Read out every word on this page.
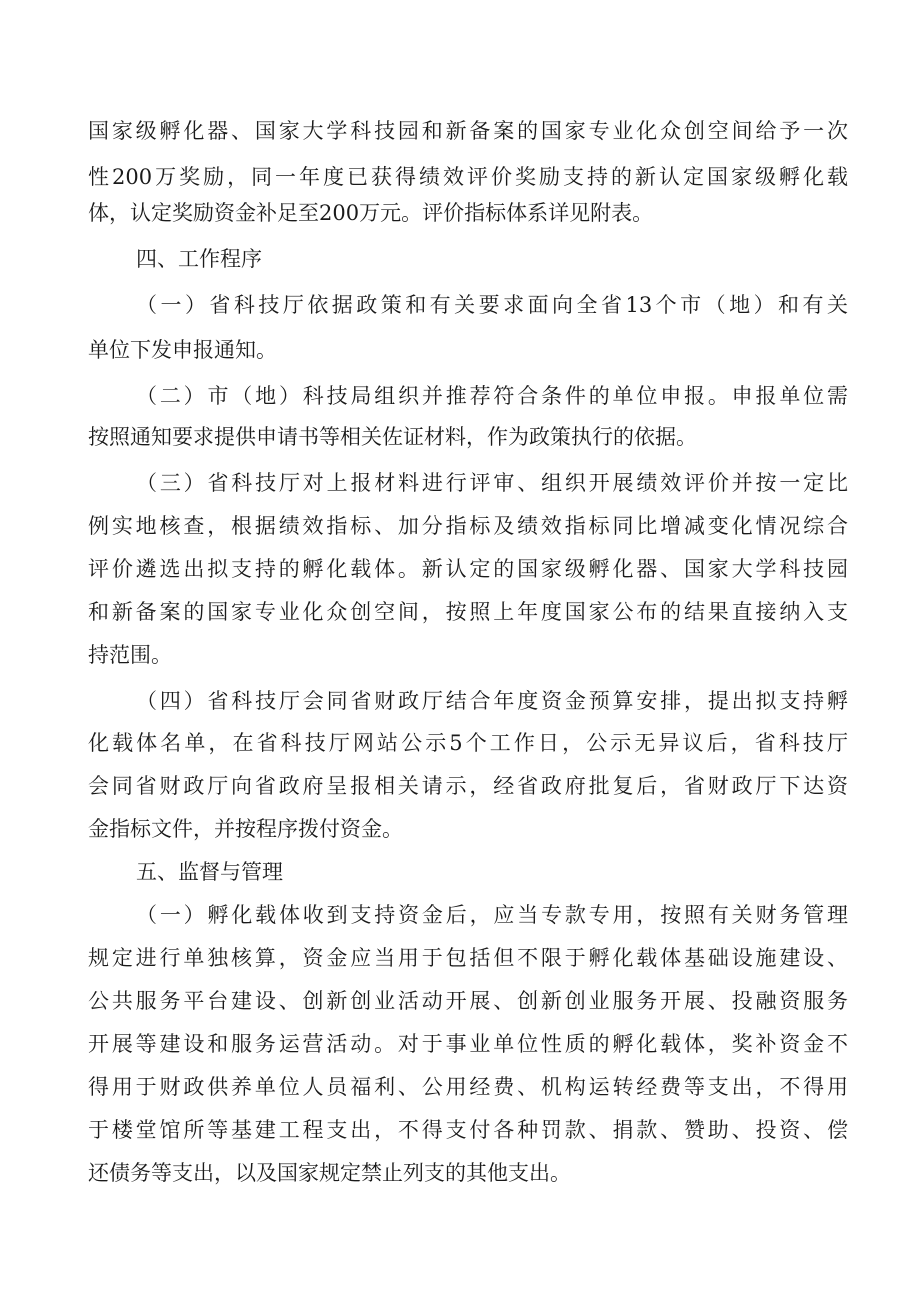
国家级孵化器、国家大学科技园和新备案的国家专业化众创空间给予一次
性200万奖励，同一年度已获得绩效评价奖励支持的新认定国家级孵化载
体，认定奖励资金补足至200万元。评价指标体系详见附表。
四、工作程序
（一）省科技厅依据政策和有关要求面向全省13个市（地）和有关
单位下发申报通知。
（二）市（地）科技局组织并推荐符合条件的单位申报。申报单位需
按照通知要求提供申请书等相关佐证材料，作为政策执行的依据。
（三）省科技厅对上报材料进行评审、组织开展绩效评价并按一定比
例实地核查，根据绩效指标、加分指标及绩效指标同比增减变化情况综合
评价遴选出拟支持的孵化载体。新认定的国家级孵化器、国家大学科技园
和新备案的国家专业化众创空间，按照上年度国家公布的结果直接纳入支
持范围。
（四）省科技厅会同省财政厅结合年度资金预算安排，提出拟支持孵
化载体名单，在省科技厅网站公示5个工作日，公示无异议后，省科技厅
会同省财政厅向省政府呈报相关请示，经省政府批复后，省财政厅下达资
金指标文件，并按程序拨付资金。
五、监督与管理
（一）孵化载体收到支持资金后，应当专款专用，按照有关财务管理
规定进行单独核算，资金应当用于包括但不限于孵化载体基础设施建设、
公共服务平台建设、创新创业活动开展、创新创业服务开展、投融资服务
开展等建设和服务运营活动。对于事业单位性质的孵化载体，奖补资金不
得用于财政供养单位人员福利、公用经费、机构运转经费等支出，不得用
于楼堂馆所等基建工程支出，不得支付各种罚款、捐款、赞助、投资、偿
还债务等支出，以及国家规定禁止列支的其他支出。
